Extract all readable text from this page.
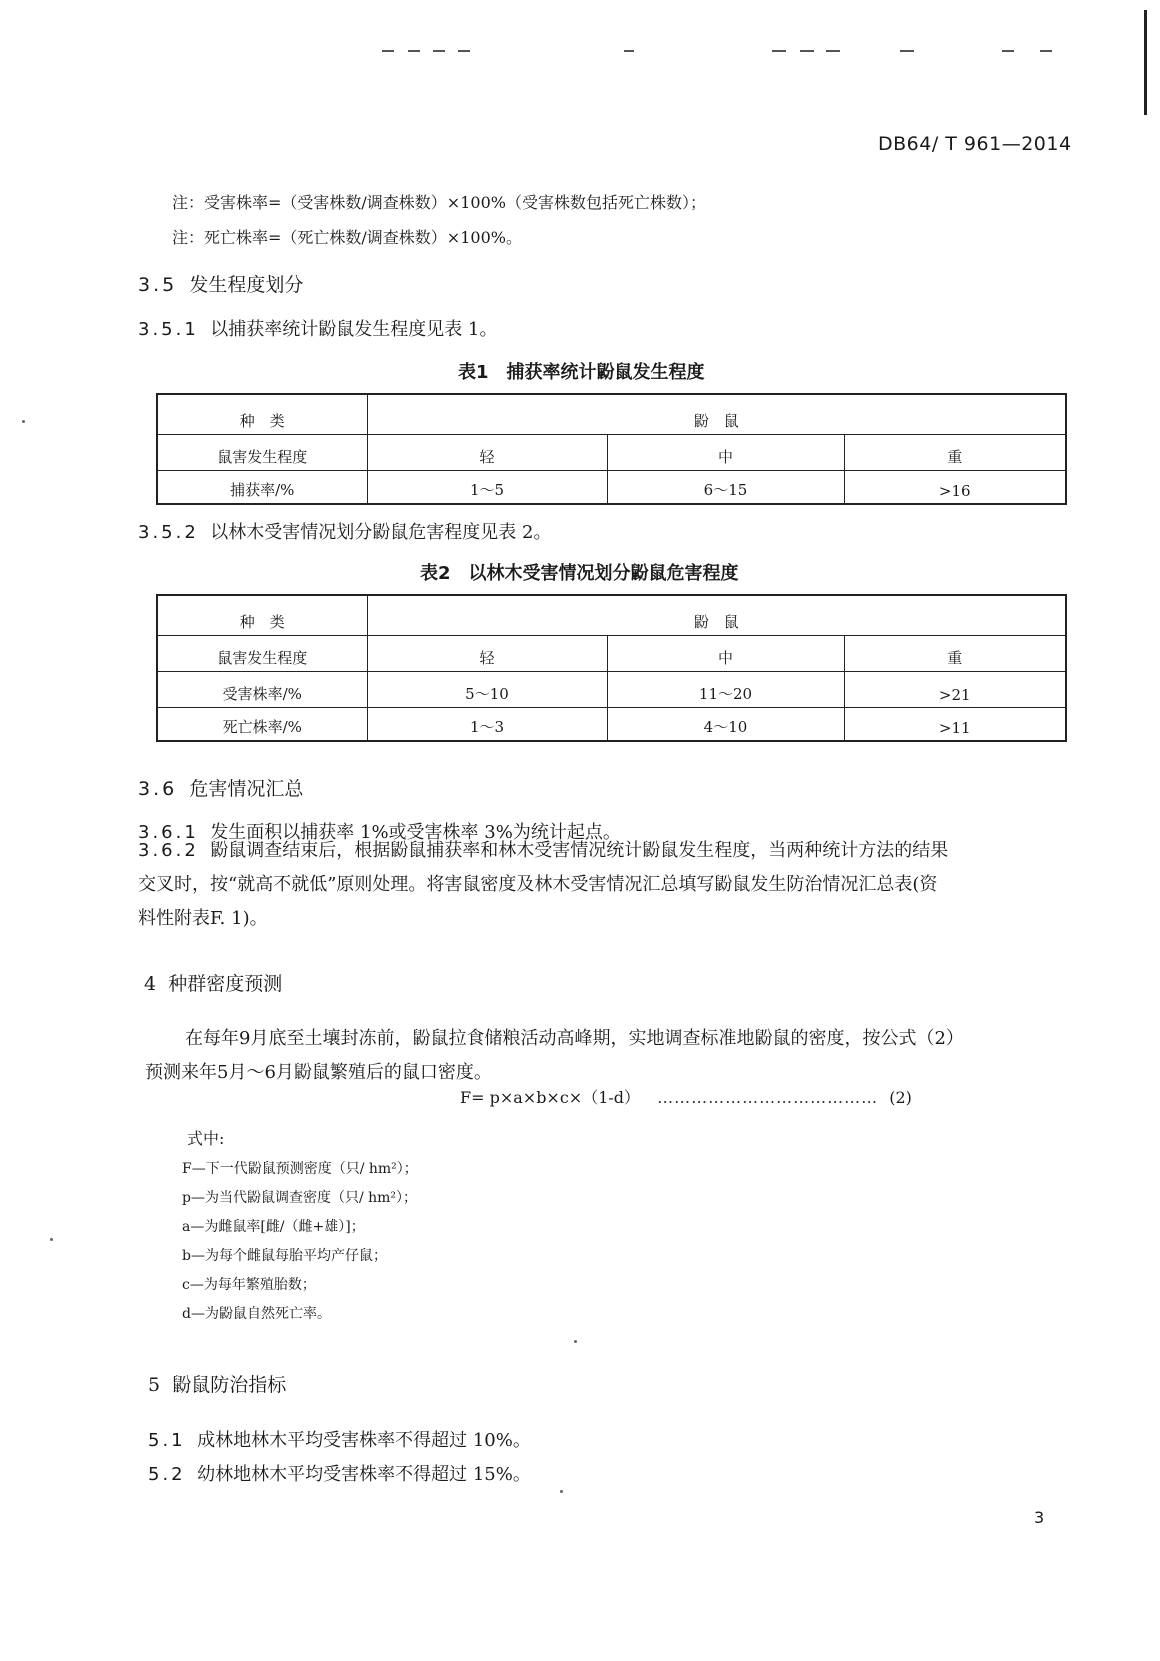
DB64/ T 961—2014
注：受害株率=（受害株数/调查株数）×100%（受害株数包括死亡株数）；
注：死亡株率=（死亡株数/调查株数）×100%。
3.5 发生程度划分
3.5.1 以捕获率统计鼢鼠发生程度见表 1。
表1　捕获率统计鼢鼠发生程度
种　类	鼢　鼠		
鼠害发生程度	轻	中	重
捕获率/%	1～5	6～15	>16
3.5.2 以林木受害情况划分鼢鼠危害程度见表 2。
表2　以林木受害情况划分鼢鼠危害程度
种　类	鼢　鼠		
鼠害发生程度	轻	中	重
受害株率/%	5～10	11～20	>21
死亡株率/%	1～3	4～10	>11
3.6 危害情况汇总
3.6.1 发生面积以捕获率 1%或受害株率 3%为统计起点。
3.6.2 鼢鼠调查结束后，根据鼢鼠捕获率和林木受害情况统计鼢鼠发生程度，当两种统计方法的结果
交叉时，按“就高不就低”原则处理。将害鼠密度及林木受害情况汇总填写鼢鼠发生防治情况汇总表(资
料性附表F. 1)。
4 种群密度预测
在每年9月底至土壤封冻前，鼢鼠拉食储粮活动高峰期，实地调查标准地鼢鼠的密度，按公式（2）
预测来年5月～6月鼢鼠繁殖后的鼠口密度。
F= p×a×b×c×（1-d） ………………………………… (2)
式中:
F—下一代鼢鼠预测密度（只/ hm²）；
p—为当代鼢鼠调查密度（只/ hm²）；
a—为雌鼠率[雌/（雌+雄）]；
b—为每个雌鼠每胎平均产仔鼠；
c—为每年繁殖胎数；
d—为鼢鼠自然死亡率。
5 鼢鼠防治指标
5.1 成林地林木平均受害株率不得超过 10%。
5.2 幼林地林木平均受害株率不得超过 15%。
3
